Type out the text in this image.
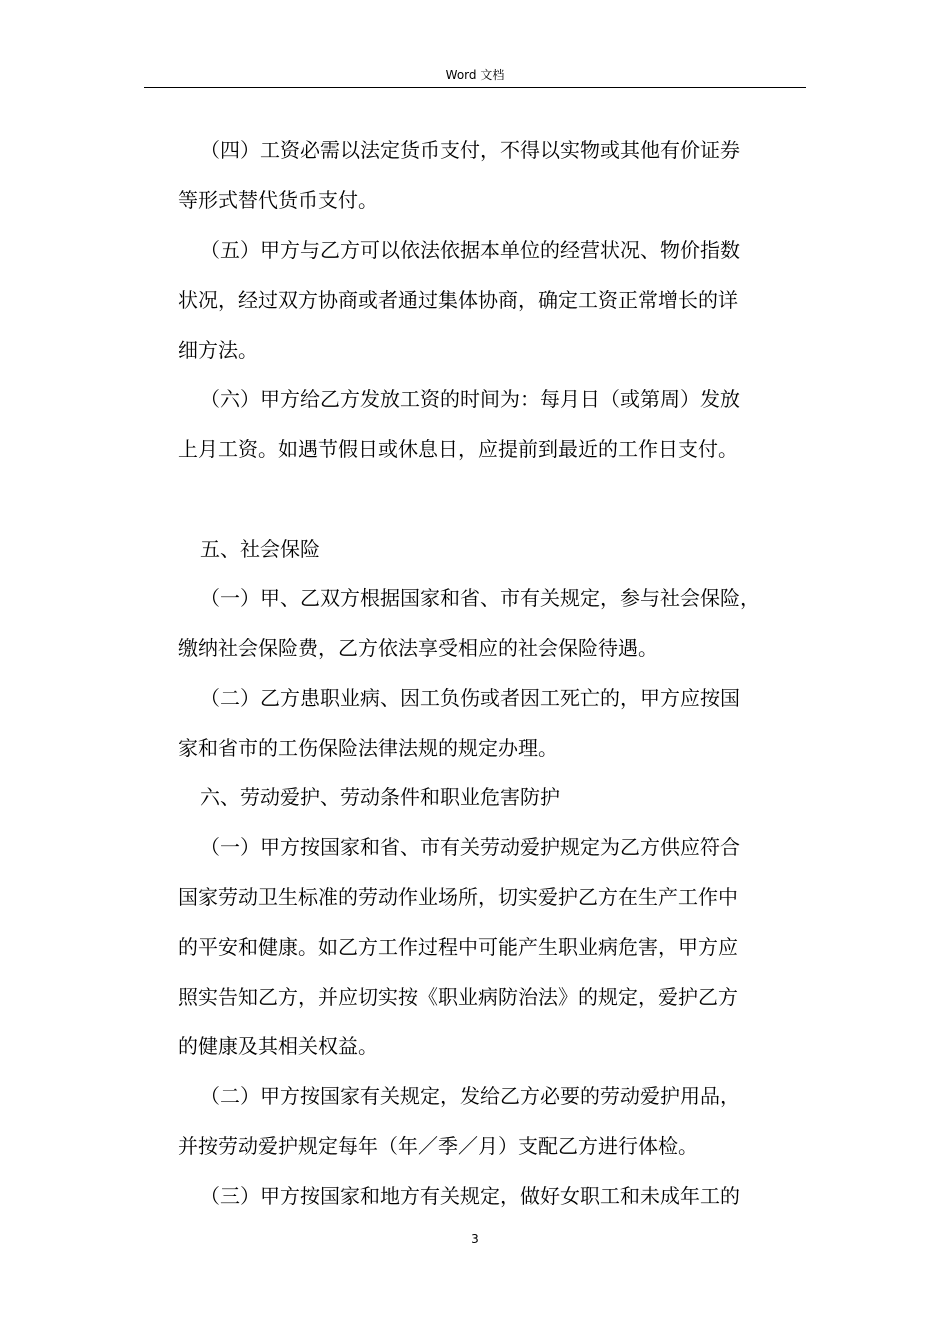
Word 文档
（四）工资必需以法定货币支付，不得以实物或其他有价证券
等形式替代货币支付。
（五）甲方与乙方可以依法依据本单位的经营状况、物价指数
状况，经过双方协商或者通过集体协商，确定工资正常增长的详
细方法。
（六）甲方给乙方发放工资的时间为：每月日（或第周）发放
上月工资。如遇节假日或休息日，应提前到最近的工作日支付。
五、社会保险
（一）甲、乙双方根据国家和省、市有关规定，参与社会保险，
缴纳社会保险费，乙方依法享受相应的社会保险待遇。
（二）乙方患职业病、因工负伤或者因工死亡的，甲方应按国
家和省市的工伤保险法律法规的规定办理。
六、劳动爱护、劳动条件和职业危害防护
（一）甲方按国家和省、市有关劳动爱护规定为乙方供应符合
国家劳动卫生标准的劳动作业场所，切实爱护乙方在生产工作中
的平安和健康。如乙方工作过程中可能产生职业病危害，甲方应
照实告知乙方，并应切实按《职业病防治法》的规定，爱护乙方
的健康及其相关权益。
（二）甲方按国家有关规定，发给乙方必要的劳动爱护用品，
并按劳动爱护规定每年（年／季／月）支配乙方进行体检。
（三）甲方按国家和地方有关规定，做好女职工和未成年工的
3
